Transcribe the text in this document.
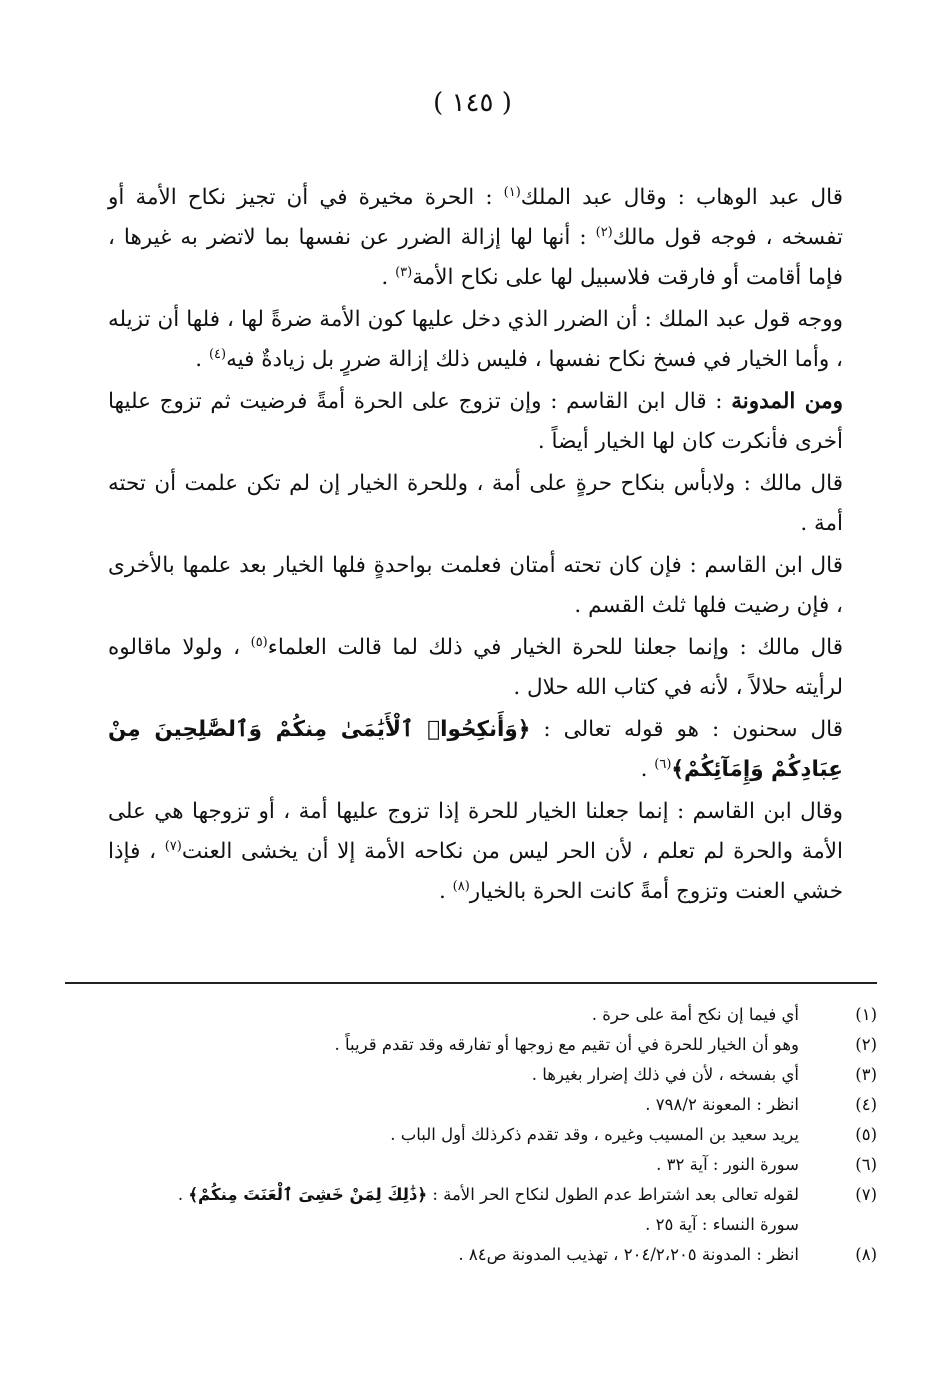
( ١٤٥ )

قال عبد الوهاب : وقال عبد الملك$^{(١)}$ : الحرة مخيرة في أن تجيز نكاح الأمة أو تفسخه ، فوجه قول مالك$^{(٢)}$ : أنها لها إزالة الضرر عن نفسها بما لاتضر به غيرها ، فإما أقامت أو فارقت فلاسبيل لها على نكاح الأمة$^{(٣)}$ .

ووجه قول عبد الملك : أن الضرر الذي دخل عليها كون الأمة ضرةً لها ، فلها أن تزيله ، وأما الخيار في فسخ نكاح نفسها ، فليس ذلك إزالة ضررٍ بل زيادةٌ فيه$^{(٤)}$ .

ومن المدونة : قال ابن القاسم : وإن تزوج على الحرة أمةً فرضيت ثم تزوج عليها أخرى فأنكرت كان لها الخيار أيضاً .

قال مالك : ولابأس بنكاح حرةٍ على أمة ، وللحرة الخيار إن لم تكن علمت أن تحته أمة .

قال ابن القاسم : فإن كان تحته أمتان فعلمت بواحدةٍ فلها الخيار بعد علمها بالأخرى ، فإن رضيت فلها ثلث القسم .

قال مالك : وإنما جعلنا للحرة الخيار في ذلك لما قالت العلماء$^{(٥)}$ ، ولولا ماقالوه لرأيته حلالاً ، لأنه في كتاب الله حلال .

قال سحنون : هو قوله تعالى : ﴿وَأَنكِحُوا۟ ٱلْأَيَٰمَىٰ مِنكُمْ وَٱلصَّٰلِحِينَ مِنْ عِبَادِكُمْ وَإِمَآئِكُمْ﴾$^{(٦)}$ .

وقال ابن القاسم : إنما جعلنا الخيار للحرة إذا تزوج عليها أمة ، أو تزوجها هي على الأمة والحرة لم تعلم ، لأن الحر ليس من نكاحه الأمة إلا أن يخشى العنت$^{(٧)}$ ، فإذا خشي العنت وتزوج أمةً كانت الحرة بالخيار$^{(٨)}$ .

(١)
أي فيما إن نكح أمة على حرة .
(٢)
وهو أن الخيار للحرة في أن تقيم مع زوجها أو تفارقه وقد تقدم قريباً .
(٣)
أي بفسخه ، لأن في ذلك إضرار بغيرها .
(٤)
انظر : المعونة ٧٩٨/٢ .
(٥)
يريد سعيد بن المسيب وغيره ، وقد تقدم ذكرذلك أول الباب .
(٦)
سورة النور : آية ٣٢ .
(٧)
لقوله تعالى بعد اشتراط عدم الطول لنكاح الحر الأمة : ﴿ذَٰلِكَ لِمَنْ خَشِىَ ٱلْعَنَتَ مِنكُمْ﴾ .
سورة النساء : آية ٢٥ .
(٨)
انظر : المدونة ٢٠٤/٢،٢٠٥ ، تهذيب المدونة ص٨٤ .
